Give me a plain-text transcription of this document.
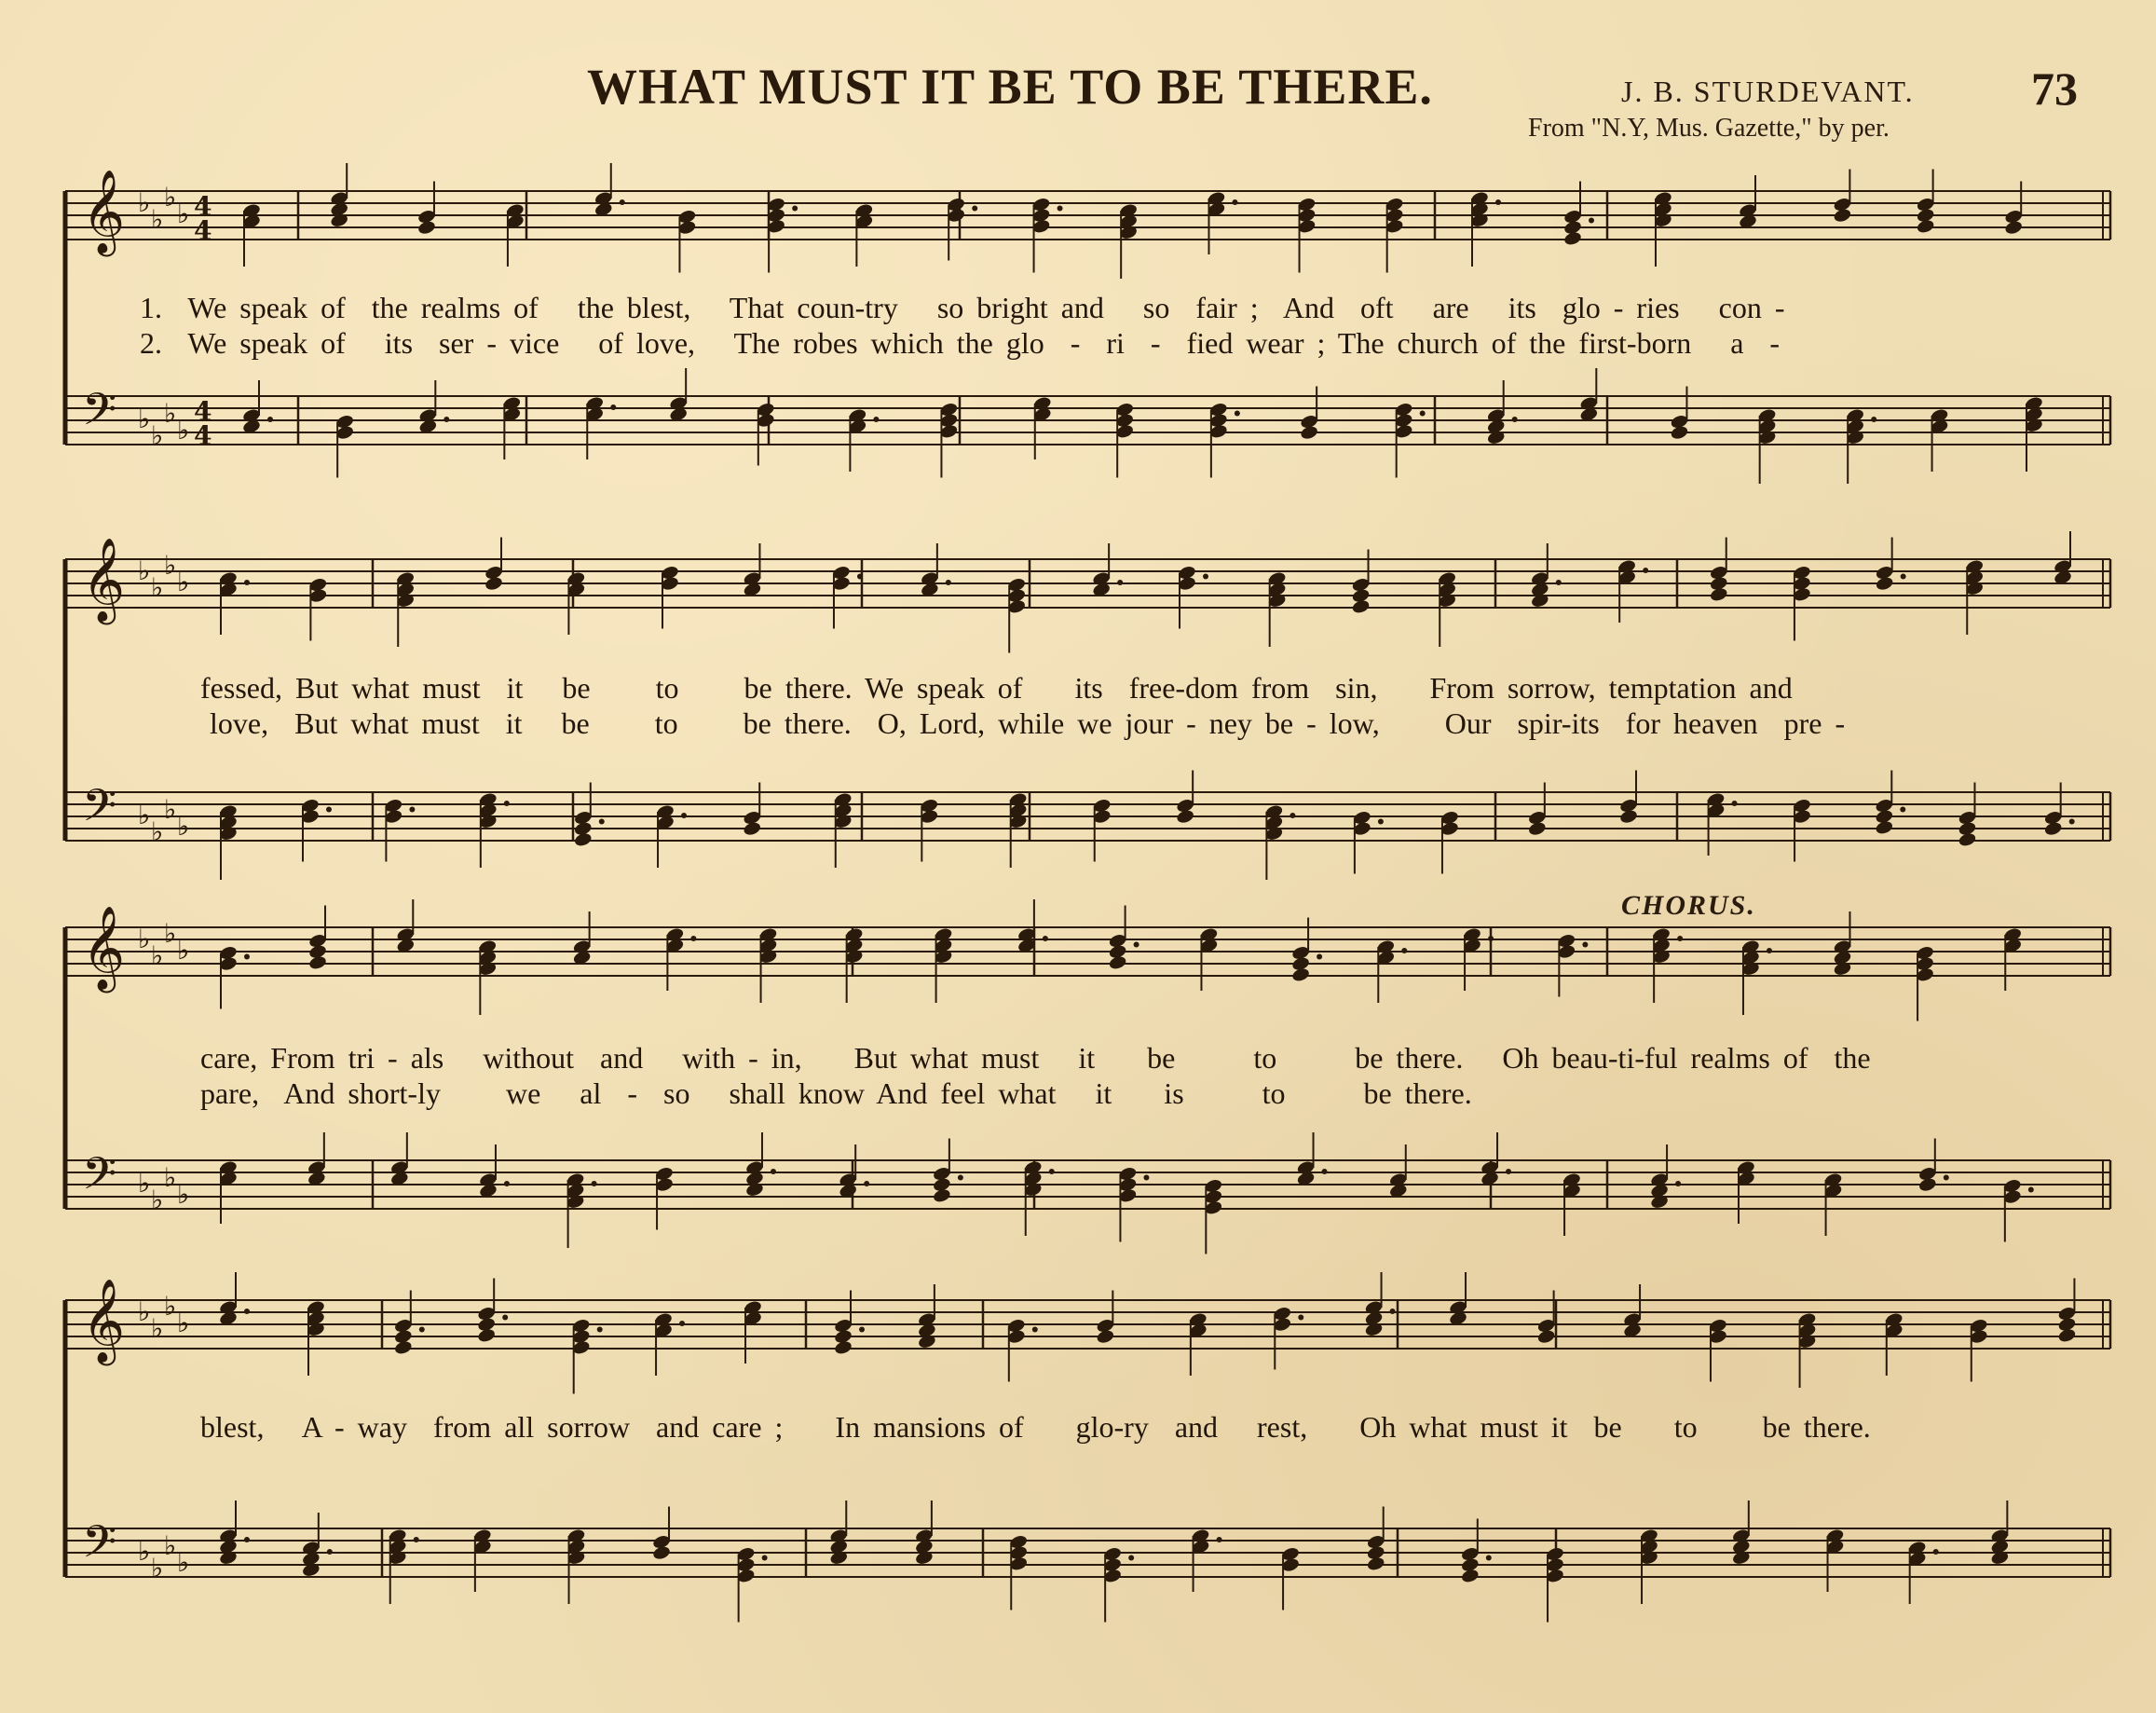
WHAT MUST IT BE TO BE THERE.	J. B. STURDEVANT.	73
From "N.Y, Mus. Gazette," by per.
CHORUS.
𝄞 ♭
♭
♭
♭ 4
4
𝄢 ♭
♭
♭
♭
4
4
𝄞 ♭
♭
♭
♭
𝄢 ♭
♭
♭
♭
𝄞 ♭
♭
♭
♭
𝄢 ♭
♭
♭
♭
𝄞 ♭
♭
♭
♭
𝄢 ♭
♭
♭
♭
1.  We speak of  the realms of   the blest,   That coun-try   so bright and   so  fair ;  And  oft   are   its  glo - ries   con -
2.  We speak of   its  ser - vice   of love,   The robes which the glo  -  ri  -  fied wear ; The church of the first-born   a  -
fessed, But what must  it   be     to     be there. We speak of    its  free-dom from  sin,    From sorrow, temptation and
love,  But what must  it   be     to     be there.  O, Lord, while we jour - ney be - low,     Our  spir-its  for heaven  pre -
care, From tri - als   without  and   with - in,    But what must   it    be      to      be there.   Oh beau-ti-ful realms of  the
pare,  And short-ly     we   al  -  so   shall know And feel what   it    is      to      be there.
blest,   A - way  from all sorrow  and care ;    In mansions of    glo-ry  and   rest,    Oh what must it  be    to     be there.
